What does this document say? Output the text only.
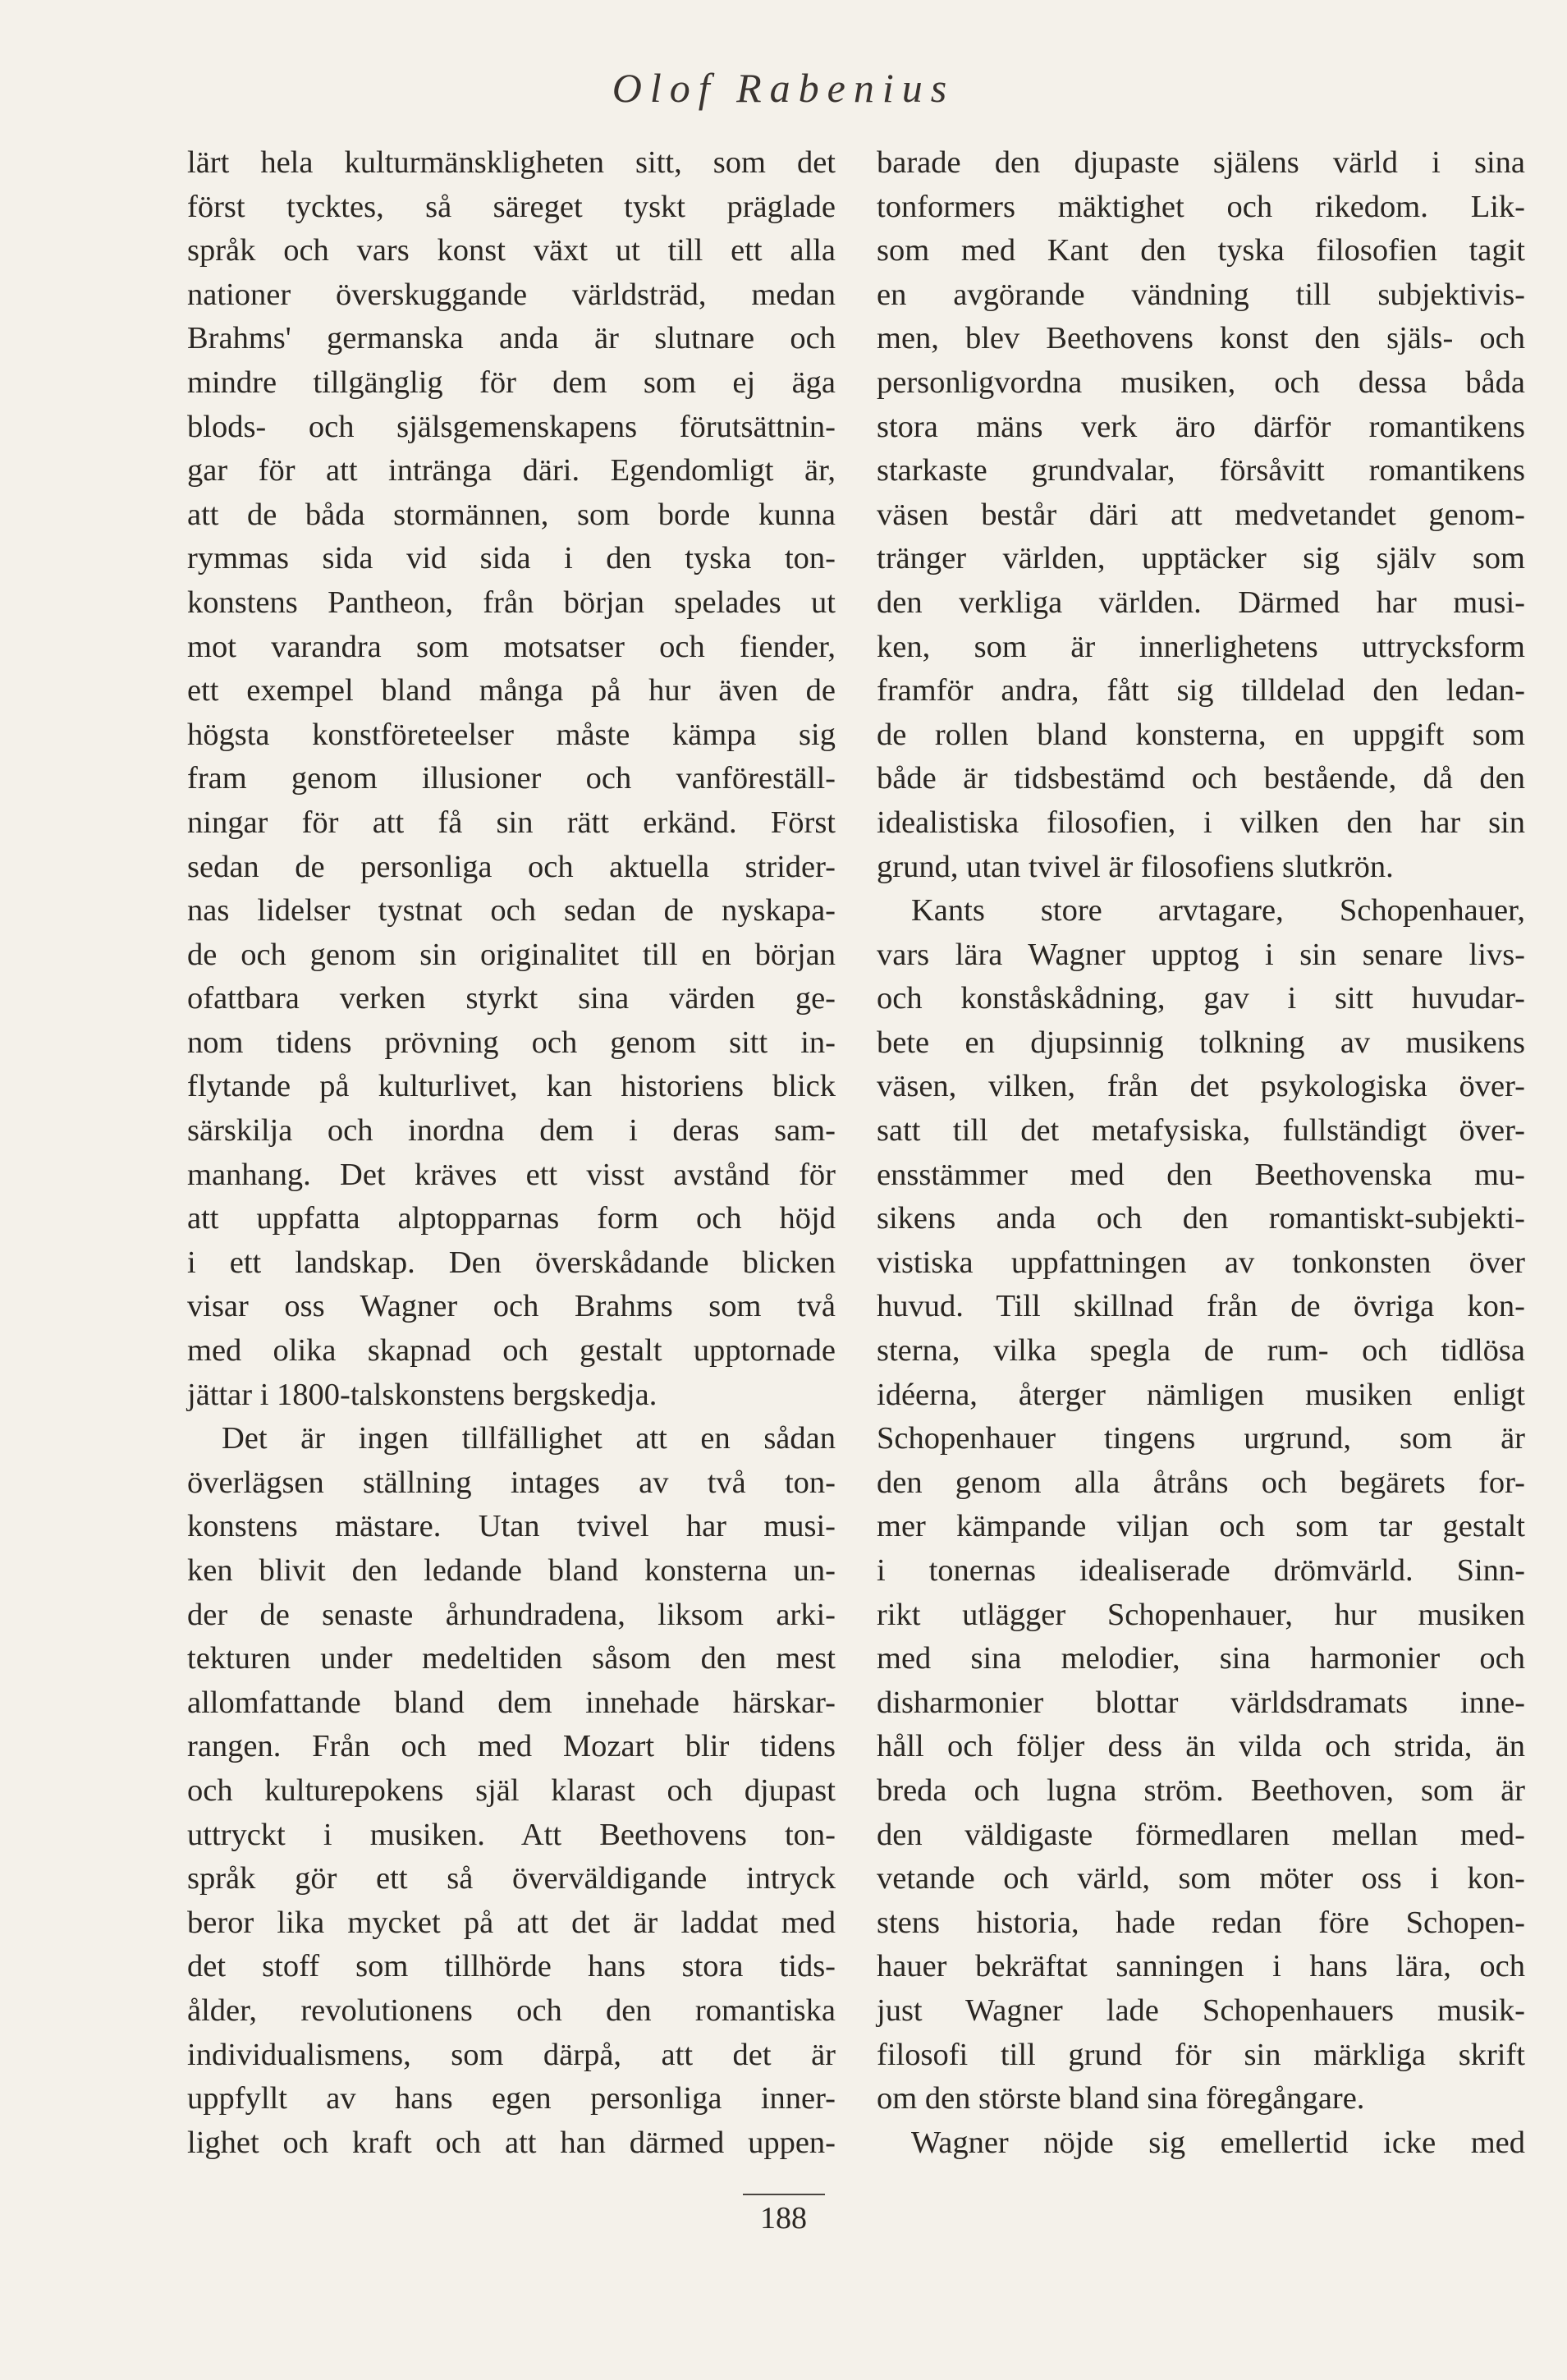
Olof Rabenius
lärt hela kulturmänskligheten sitt, som det
först tycktes, så säreget tyskt präglade
språk och vars konst växt ut till ett alla
nationer överskuggande världsträd, medan
Brahms' germanska anda är slutnare och
mindre tillgänglig för dem som ej äga
blods- och själsgemenskapens förutsättnin-
gar för att intränga däri. Egendomligt är,
att de båda stormännen, som borde kunna
rymmas sida vid sida i den tyska ton-
konstens Pantheon, från början spelades ut
mot varandra som motsatser och fiender,
ett exempel bland många på hur även de
högsta konstföreteelser måste kämpa sig
fram genom illusioner och vanföreställ-
ningar för att få sin rätt erkänd. Först
sedan de personliga och aktuella strider-
nas lidelser tystnat och sedan de nyskapa-
de och genom sin originalitet till en början
ofattbara verken styrkt sina värden ge-
nom tidens prövning och genom sitt in-
flytande på kulturlivet, kan historiens blick
särskilja och inordna dem i deras sam-
manhang. Det kräves ett visst avstånd för
att uppfatta alptopparnas form och höjd
i ett landskap. Den överskådande blicken
visar oss Wagner och Brahms som två
med olika skapnad och gestalt upptornade
jättar i 1800-talskonstens bergskedja.
Det är ingen tillfällighet att en sådan
överlägsen ställning intages av två ton-
konstens mästare. Utan tvivel har musi-
ken blivit den ledande bland konsterna un-
der de senaste århundradena, liksom arki-
tekturen under medeltiden såsom den mest
allomfattande bland dem innehade härskar-
rangen. Från och med Mozart blir tidens
och kulturepokens själ klarast och djupast
uttryckt i musiken. Att Beethovens ton-
språk gör ett så överväldigande intryck
beror lika mycket på att det är laddat med
det stoff som tillhörde hans stora tids-
ålder, revolutionens och den romantiska
individualismens, som därpå, att det är
uppfyllt av hans egen personliga inner-
lighet och kraft och att han därmed uppen-
barade den djupaste själens värld i sina
tonformers mäktighet och rikedom. Lik-
som med Kant den tyska filosofien tagit
en avgörande vändning till subjektivis-
men, blev Beethovens konst den själs- och
personligvordna musiken, och dessa båda
stora mäns verk äro därför romantikens
starkaste grundvalar, försåvitt romantikens
väsen består däri att medvetandet genom-
tränger världen, upptäcker sig själv som
den verkliga världen. Därmed har musi-
ken, som är innerlighetens uttrycksform
framför andra, fått sig tilldelad den ledan-
de rollen bland konsterna, en uppgift som
både är tidsbestämd och bestående, då den
idealistiska filosofien, i vilken den har sin
grund, utan tvivel är filosofiens slutkrön.
Kants store arvtagare, Schopenhauer,
vars lära Wagner upptog i sin senare livs-
och konståskådning, gav i sitt huvudar-
bete en djupsinnig tolkning av musikens
väsen, vilken, från det psykologiska över-
satt till det metafysiska, fullständigt över-
ensstämmer med den Beethovenska mu-
sikens anda och den romantiskt-subjekti-
vistiska uppfattningen av tonkonsten över
huvud. Till skillnad från de övriga kon-
sterna, vilka spegla de rum- och tidlösa
idéerna, återger nämligen musiken enligt
Schopenhauer tingens urgrund, som är
den genom alla åtråns och begärets for-
mer kämpande viljan och som tar gestalt
i tonernas idealiserade drömvärld. Sinn-
rikt utlägger Schopenhauer, hur musiken
med sina melodier, sina harmonier och
disharmonier blottar världsdramats inne-
håll och följer dess än vilda och strida, än
breda och lugna ström. Beethoven, som är
den väldigaste förmedlaren mellan med-
vetande och värld, som möter oss i kon-
stens historia, hade redan före Schopen-
hauer bekräftat sanningen i hans lära, och
just Wagner lade Schopenhauers musik-
filosofi till grund för sin märkliga skrift
om den störste bland sina föregångare.
Wagner nöjde sig emellertid icke med
188
